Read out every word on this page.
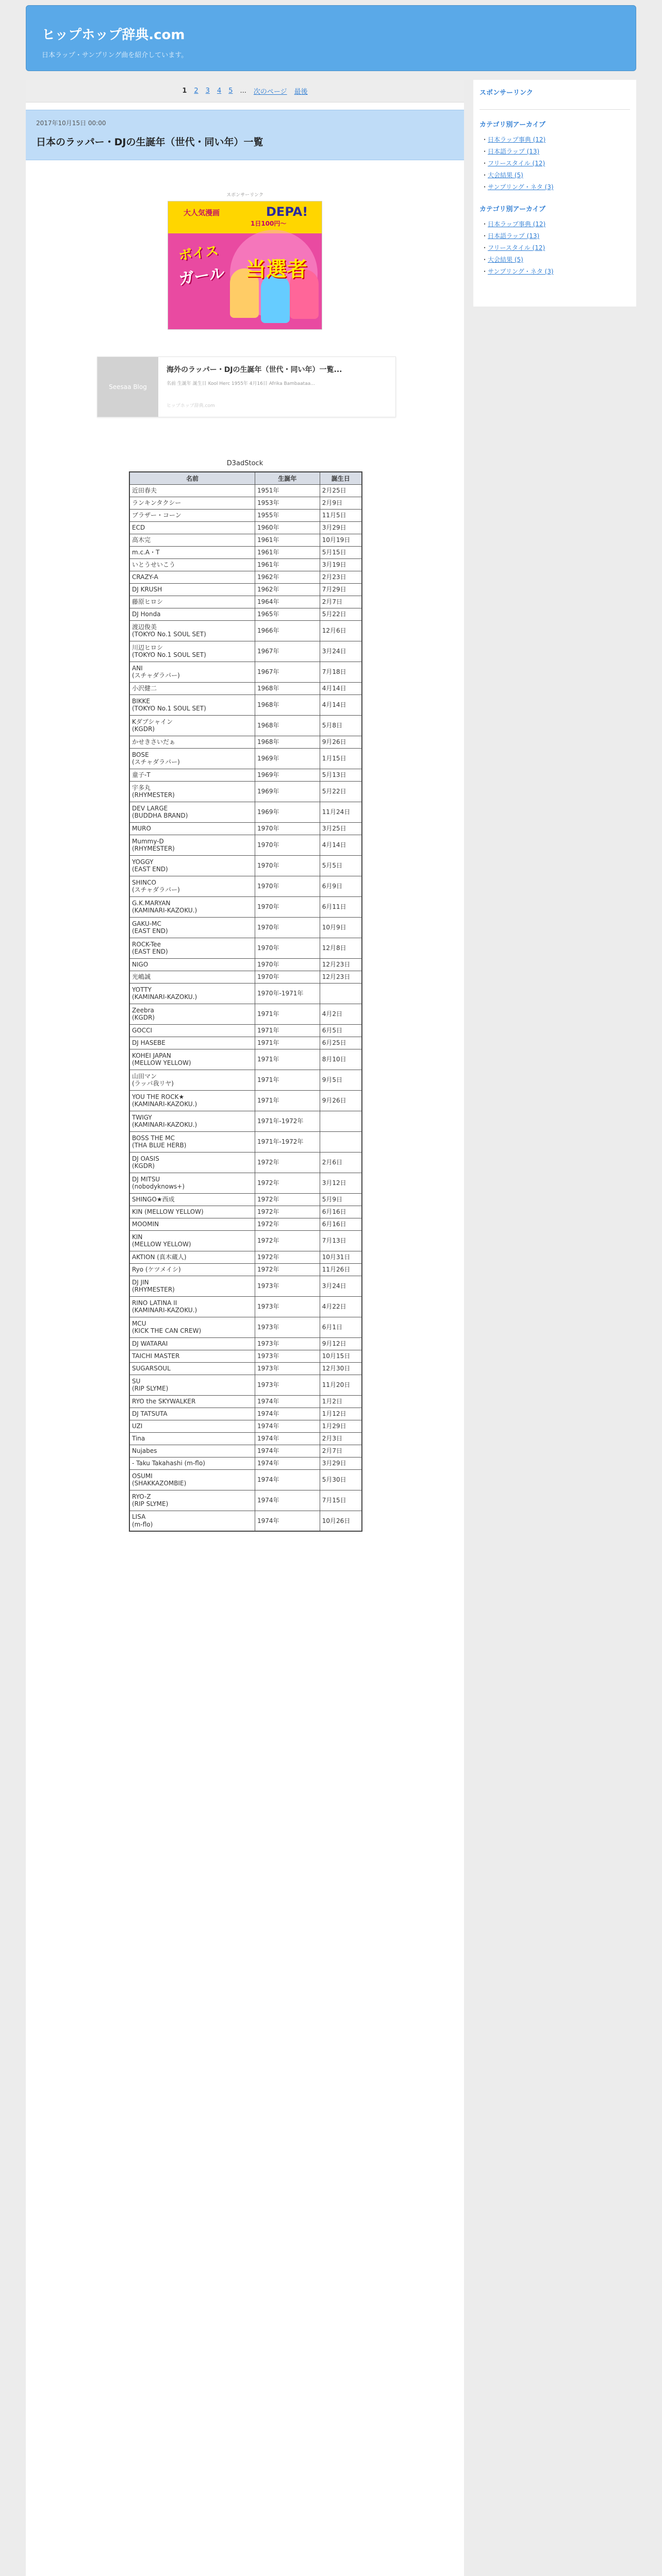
ヒップホップ辞典.com
日本ラップ・サンプリング曲を紹介しています。
1 2 3 4 5 ... 次のページ 最後
2017年10月15日 00:00
日本のラッパー・DJの生誕年（世代・同い年）一覧
スポンサーリンク
大人気漫画	DEPA!
1日100円〜
ボイス
ガール 当選者
Seesaa Blog
海外のラッパー・DJの生誕年（世代・同い年）一覧...
名前 生誕年 誕生日 Kool Herc 1955年 4月16日 Afrika Bambaataa...
ヒップホップ辞典.com
D3adStock
名前	生誕年	誕生日
近田春夫	1951年	2月25日
ランキンタクシー	1953年	2月9日
ブラザー・コーン	1955年	11月5日
ECD	1960年	3月29日
高木完	1961年	10月19日
m.c.A・T	1961年	5月15日
いとうせいこう	1961年	3月19日
CRAZY-A	1962年	2月23日
DJ KRUSH	1962年	7月29日
藤原ヒロシ	1964年	2月7日
DJ Honda	1965年	5月22日
渡辺俊美
(TOKYO No.1 SOUL SET)	1966年	12月6日
川辺ヒロシ
(TOKYO No.1 SOUL SET)	1967年	3月24日
ANI
(スチャダラパー)	1967年	7月18日
小沢健二	1968年	4月14日
BIKKE
(TOKYO No.1 SOUL SET)	1968年	4月14日
Kダブシャイン
(KGDR)	1968年	5月8日
かせきさいだぁ	1968年	9月26日
BOSE
(スチャダラパー)	1969年	1月15日
童子-T	1969年	5月13日
宇多丸
(RHYMESTER)	1969年	5月22日
DEV LARGE
(BUDDHA BRAND)	1969年	11月24日
MURO	1970年	3月25日
Mummy-D
(RHYMESTER)	1970年	4月14日
YOGGY
(EAST END)	1970年	5月5日
SHINCO
(スチャダラパー)	1970年	6月9日
G.K.MARYAN
(KAMINARI-KAZOKU.)	1970年	6月11日
GAKU-MC
(EAST END)	1970年	10月9日
ROCK-Tee
(EAST END)	1970年	12月8日
NIGO	1970年	12月23日
光嶋誠	1970年	12月23日
YOTTY
(KAMINARI-KAZOKU.)	1970年-1971年	
Zeebra
(KGDR)	1971年	4月2日
GOCCI	1971年	6月5日
DJ HASEBE	1971年	6月25日
KOHEI JAPAN
(MELLOW YELLOW)	1971年	8月10日
山田マン
(ラッパ我リヤ)	1971年	9月5日
YOU THE ROCK★
(KAMINARI-KAZOKU.)	1971年	9月26日
TWIGY
(KAMINARI-KAZOKU.)	1971年-1972年	
BOSS THE MC
(THA BLUE HERB)	1971年-1972年	
DJ OASIS
(KGDR)	1972年	2月6日
DJ MITSU
(nobodyknows+)	1972年	3月12日
SHINGO★西成	1972年	5月9日
KIN (MELLOW YELLOW)	1972年	6月16日
MOOMIN	1972年	6月16日
KIN
(MELLOW YELLOW)	1972年	7月13日
AKTION (真木蔵人)	1972年	10月31日
Ryo (ケツメイシ)	1972年	11月26日
DJ JIN
(RHYMESTER)	1973年	3月24日
RINO LATINA II
(KAMINARI-KAZOKU.)	1973年	4月22日
MCU
(KICK THE CAN CREW)	1973年	6月1日
DJ WATARAI	1973年	9月12日
TAICHI MASTER	1973年	10月15日
SUGARSOUL	1973年	12月30日
SU
(RIP SLYME)	1973年	11月20日
RYO the SKYWALKER	1974年	1月2日
DJ TATSUTA	1974年	1月12日
UZI	1974年	1月29日
Tina	1974年	2月3日
Nujabes	1974年	2月7日
- Taku Takahashi (m-flo)	1974年	3月29日
OSUMI
(SHAKKAZOMBIE)	1974年	5月30日
RYO-Z
(RIP SLYME)	1974年	7月15日
LISA
(m-flo)	1974年	10月26日
スポンサーリンク
カテゴリ別アーカイブ
・日本ラップ事典 (12)
・日本語ラップ (13)
・フリースタイル (12)
・大会結果 (5)
・サンプリング・ネタ (3)
カテゴリ別アーカイブ
・日本ラップ事典 (12)
・日本語ラップ (13)
・フリースタイル (12)
・大会結果 (5)
・サンプリング・ネタ (3)
